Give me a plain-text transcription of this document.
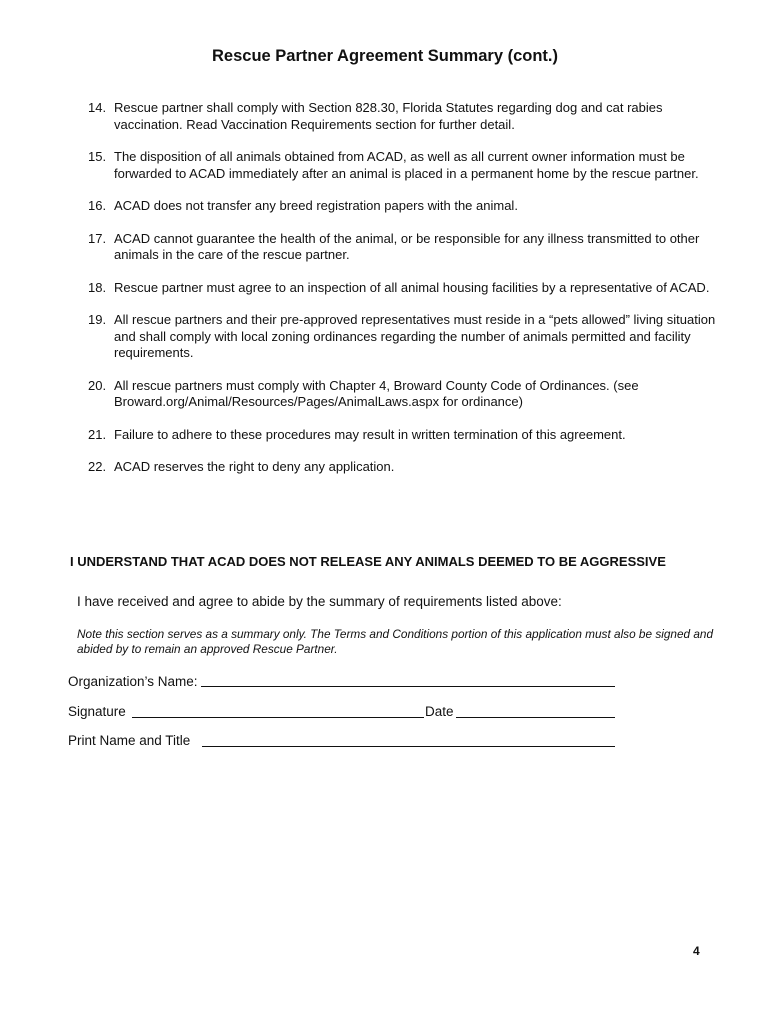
Rescue Partner Agreement Summary (cont.)
14. Rescue partner shall comply with Section 828.30, Florida Statutes regarding dog and cat rabies vaccination. Read Vaccination Requirements section for further detail.
15. The disposition of all animals obtained from ACAD, as well as all current owner information must be forwarded to ACAD immediately after an animal is placed in a permanent home by the rescue partner.
16. ACAD does not transfer any breed registration papers with the animal.
17. ACAD cannot guarantee the health of the animal, or be responsible for any illness transmitted to other animals in the care of the rescue partner.
18. Rescue partner must agree to an inspection of all animal housing facilities by a representative of ACAD.
19. All rescue partners and their pre-approved representatives must reside in a “pets allowed” living situation and shall comply with local zoning ordinances regarding the number of animals permitted and facility requirements.
20. All rescue partners must comply with Chapter 4, Broward County Code of Ordinances. (see Broward.org/Animal/Resources/Pages/AnimalLaws.aspx for ordinance)
21. Failure to adhere to these procedures may result in written termination of this agreement.
22. ACAD reserves the right to deny any application.
I UNDERSTAND THAT ACAD DOES NOT RELEASE ANY ANIMALS DEEMED TO BE AGGRESSIVE
I have received and agree to abide by the summary of requirements listed above:
Note this section serves as a summary only. The Terms and Conditions portion of this application must also be signed and abided by to remain an approved Rescue Partner.
Organization’s Name:
Signature	Date
Print Name and Title
4
